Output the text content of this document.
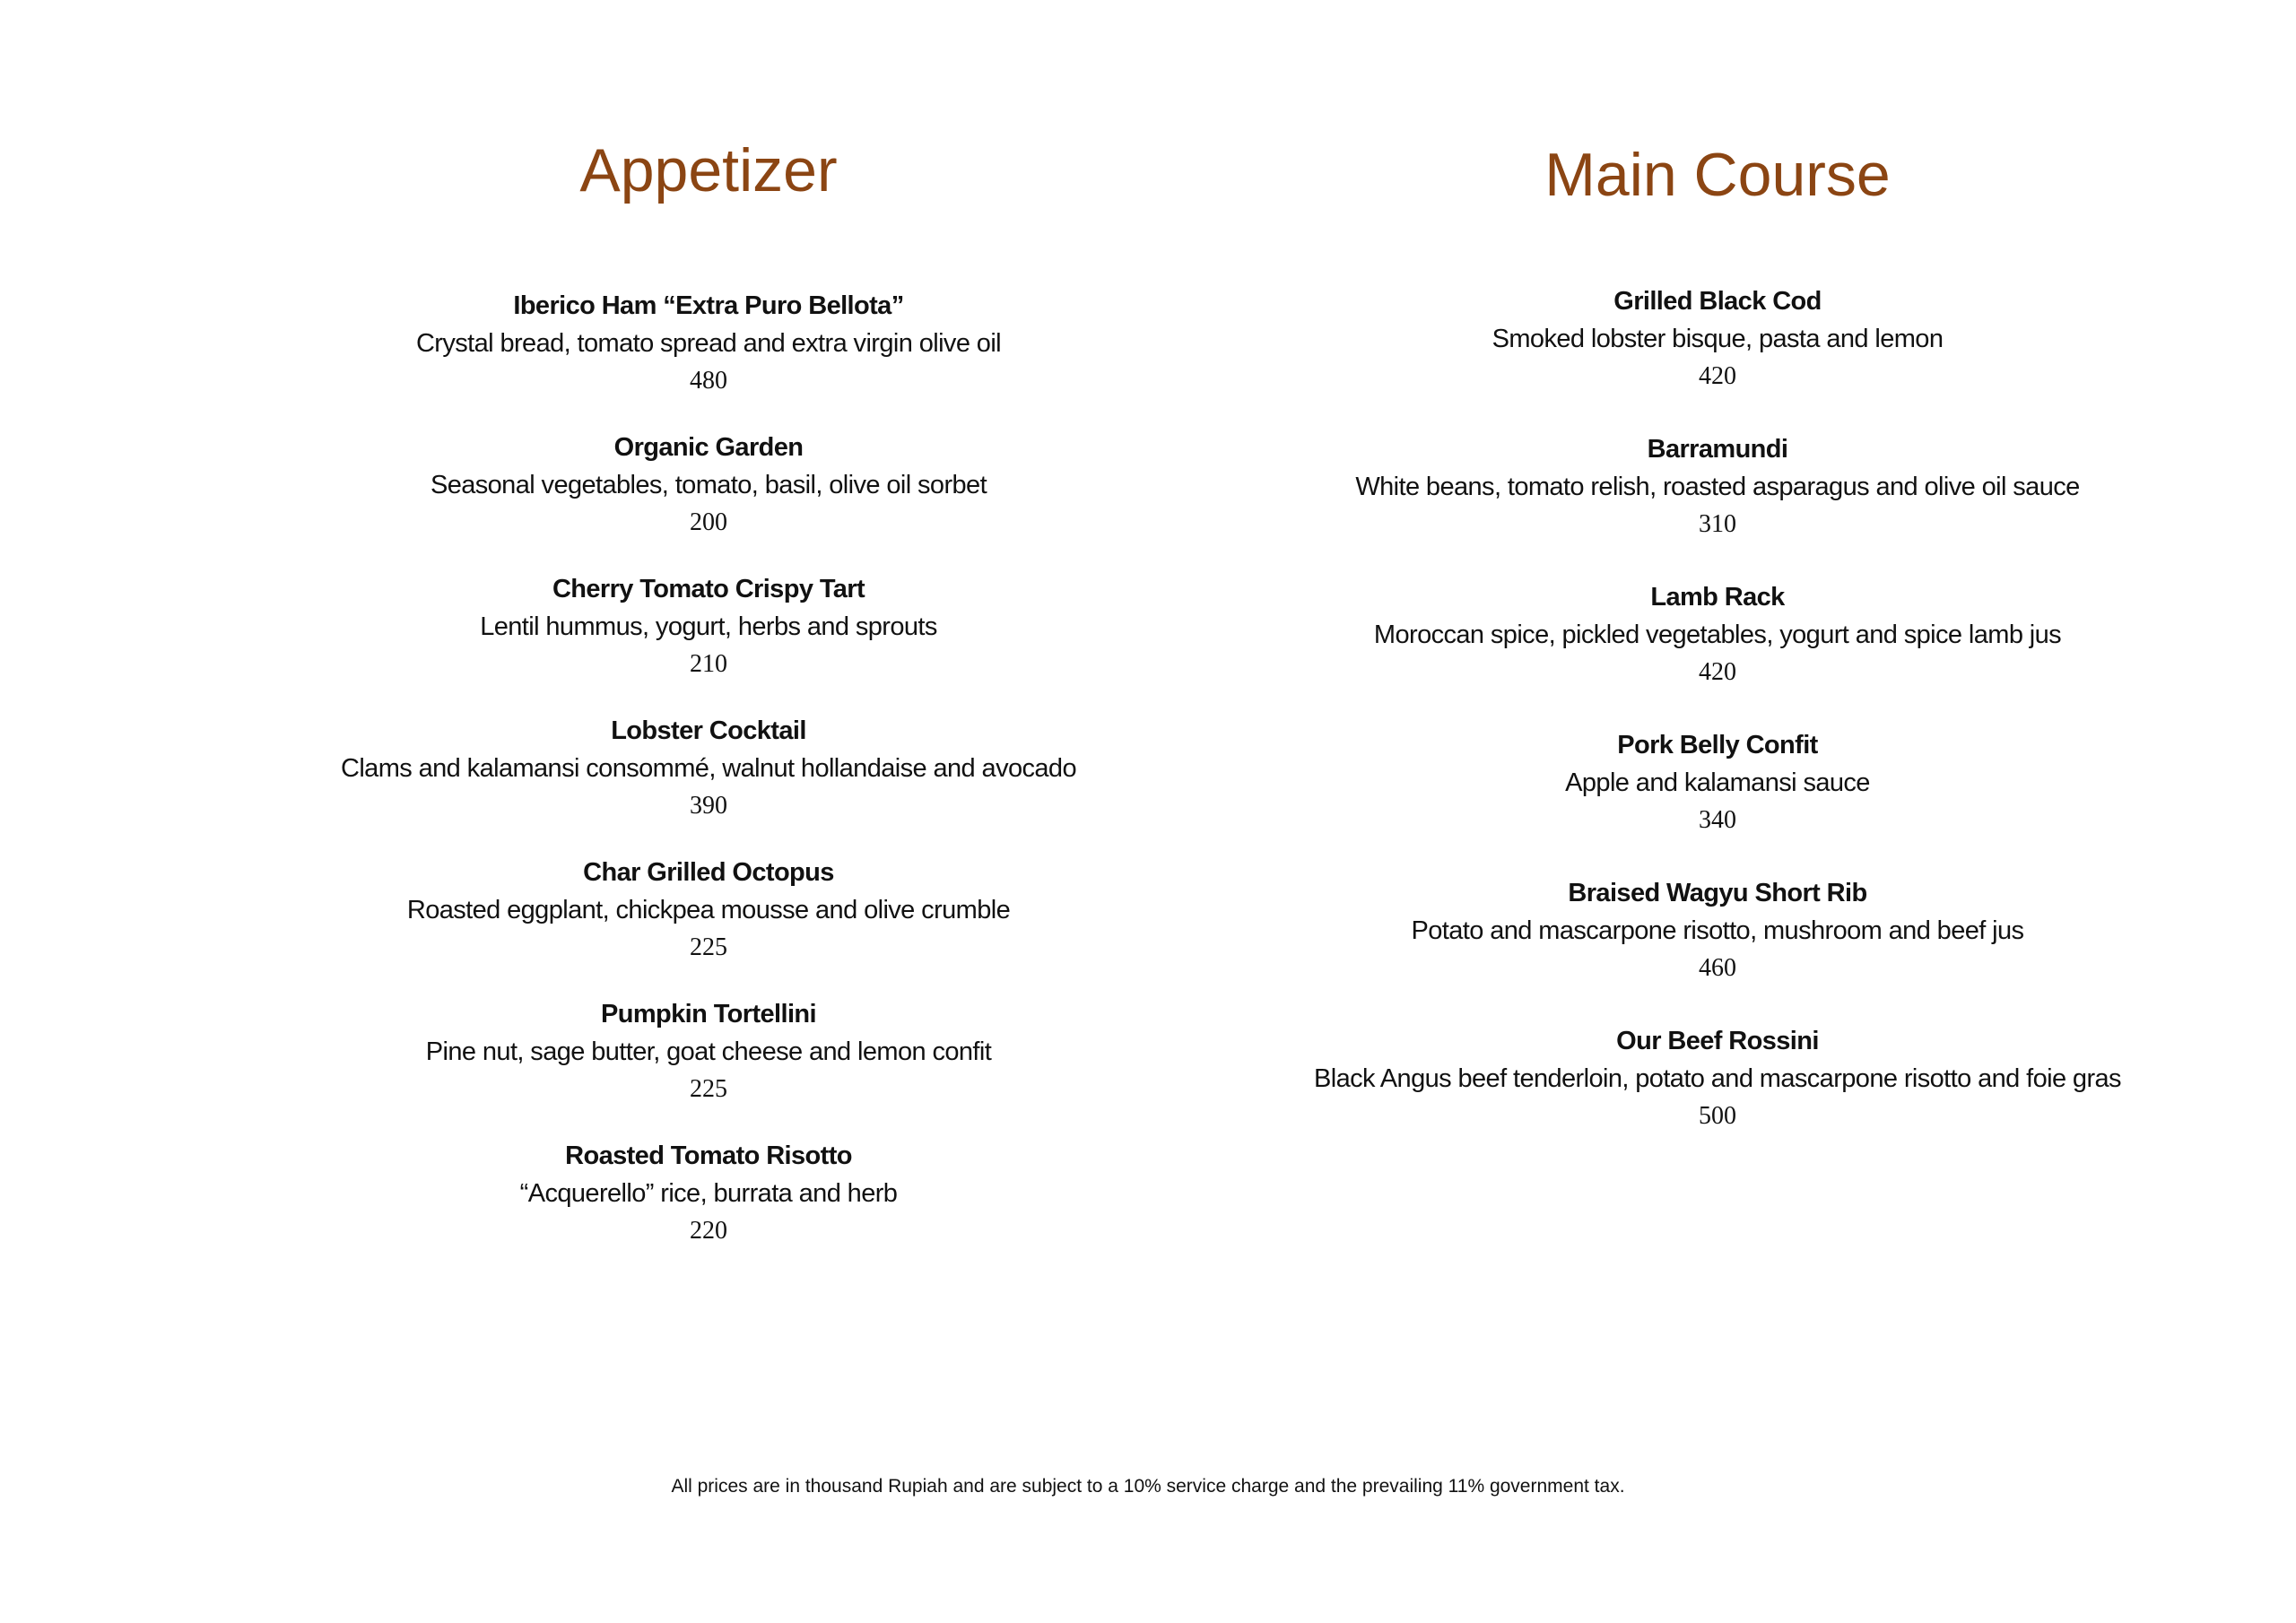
Appetizer
Iberico Ham “Extra Puro Bellota”
Crystal bread, tomato spread and extra virgin olive oil
480
Organic Garden
Seasonal vegetables, tomato, basil, olive oil sorbet
200
Cherry Tomato Crispy Tart
Lentil hummus, yogurt, herbs and sprouts
210
Lobster Cocktail
Clams and kalamansi consommé, walnut hollandaise and avocado
390
Char Grilled Octopus
Roasted eggplant, chickpea mousse and olive crumble
225
Pumpkin Tortellini
Pine nut, sage butter, goat cheese and lemon confit
225
Roasted Tomato Risotto
“Acquerello” rice, burrata and herb
220
Main Course
Grilled Black Cod
Smoked lobster bisque, pasta and lemon
420
Barramundi
White beans, tomato relish, roasted asparagus and olive oil sauce
310
Lamb Rack
Moroccan spice, pickled vegetables, yogurt and spice lamb jus
420
Pork Belly Confit
Apple and kalamansi sauce
340
Braised Wagyu Short Rib
Potato and mascarpone risotto, mushroom and beef jus
460
Our Beef Rossini
Black Angus beef tenderloin, potato and mascarpone risotto and foie gras
500
All prices are in thousand Rupiah and are subject to a 10% service charge and the prevailing 11% government tax.
